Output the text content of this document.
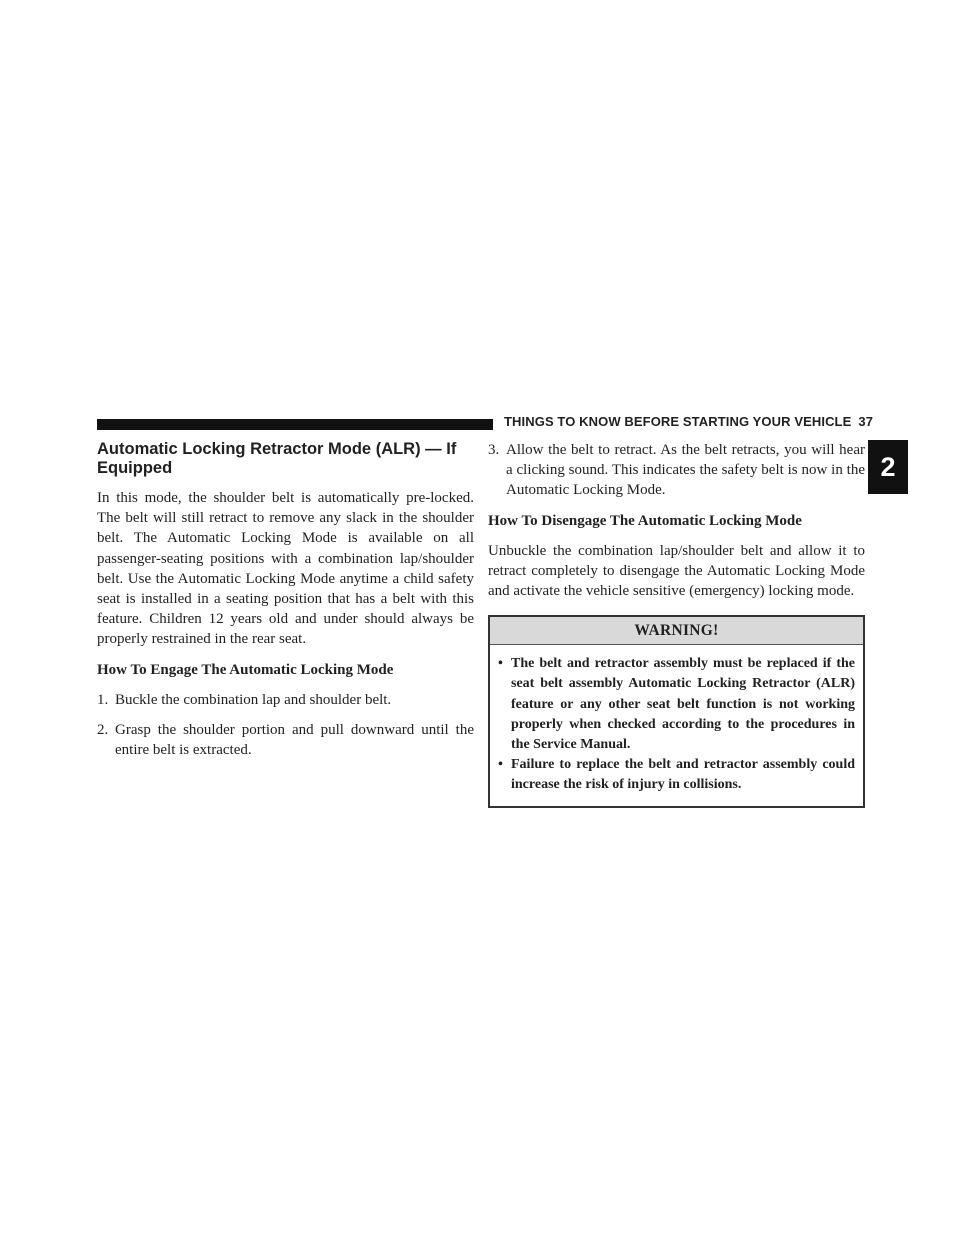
THINGS TO KNOW BEFORE STARTING YOUR VEHICLE 37
2
Automatic Locking Retractor Mode (ALR) — If Equipped

In this mode, the shoulder belt is automatically pre-locked. The belt will still retract to remove any slack in the shoulder belt. The Automatic Locking Mode is available on all passenger-seating positions with a combination lap/shoulder belt. Use the Automatic Locking Mode anytime a child safety seat is installed in a seating position that has a belt with this feature. Children 12 years old and under should always be properly restrained in the rear seat.

How To Engage The Automatic Locking Mode
1. Buckle the combination lap and shoulder belt.
2. Grasp the shoulder portion and pull downward until the entire belt is extracted.
3. Allow the belt to retract. As the belt retracts, you will hear a clicking sound. This indicates the safety belt is now in the Automatic Locking Mode.
How To Disengage The Automatic Locking Mode

Unbuckle the combination lap/shoulder belt and allow it to retract completely to disengage the Automatic Locking Mode and activate the vehicle sensitive (emergency) locking mode.

WARNING!
• The belt and retractor assembly must be replaced if the seat belt assembly Automatic Locking Retractor (ALR) feature or any other seat belt function is not working properly when checked according to the procedures in the Service Manual.
• Failure to replace the belt and retractor assembly could increase the risk of injury in collisions.
